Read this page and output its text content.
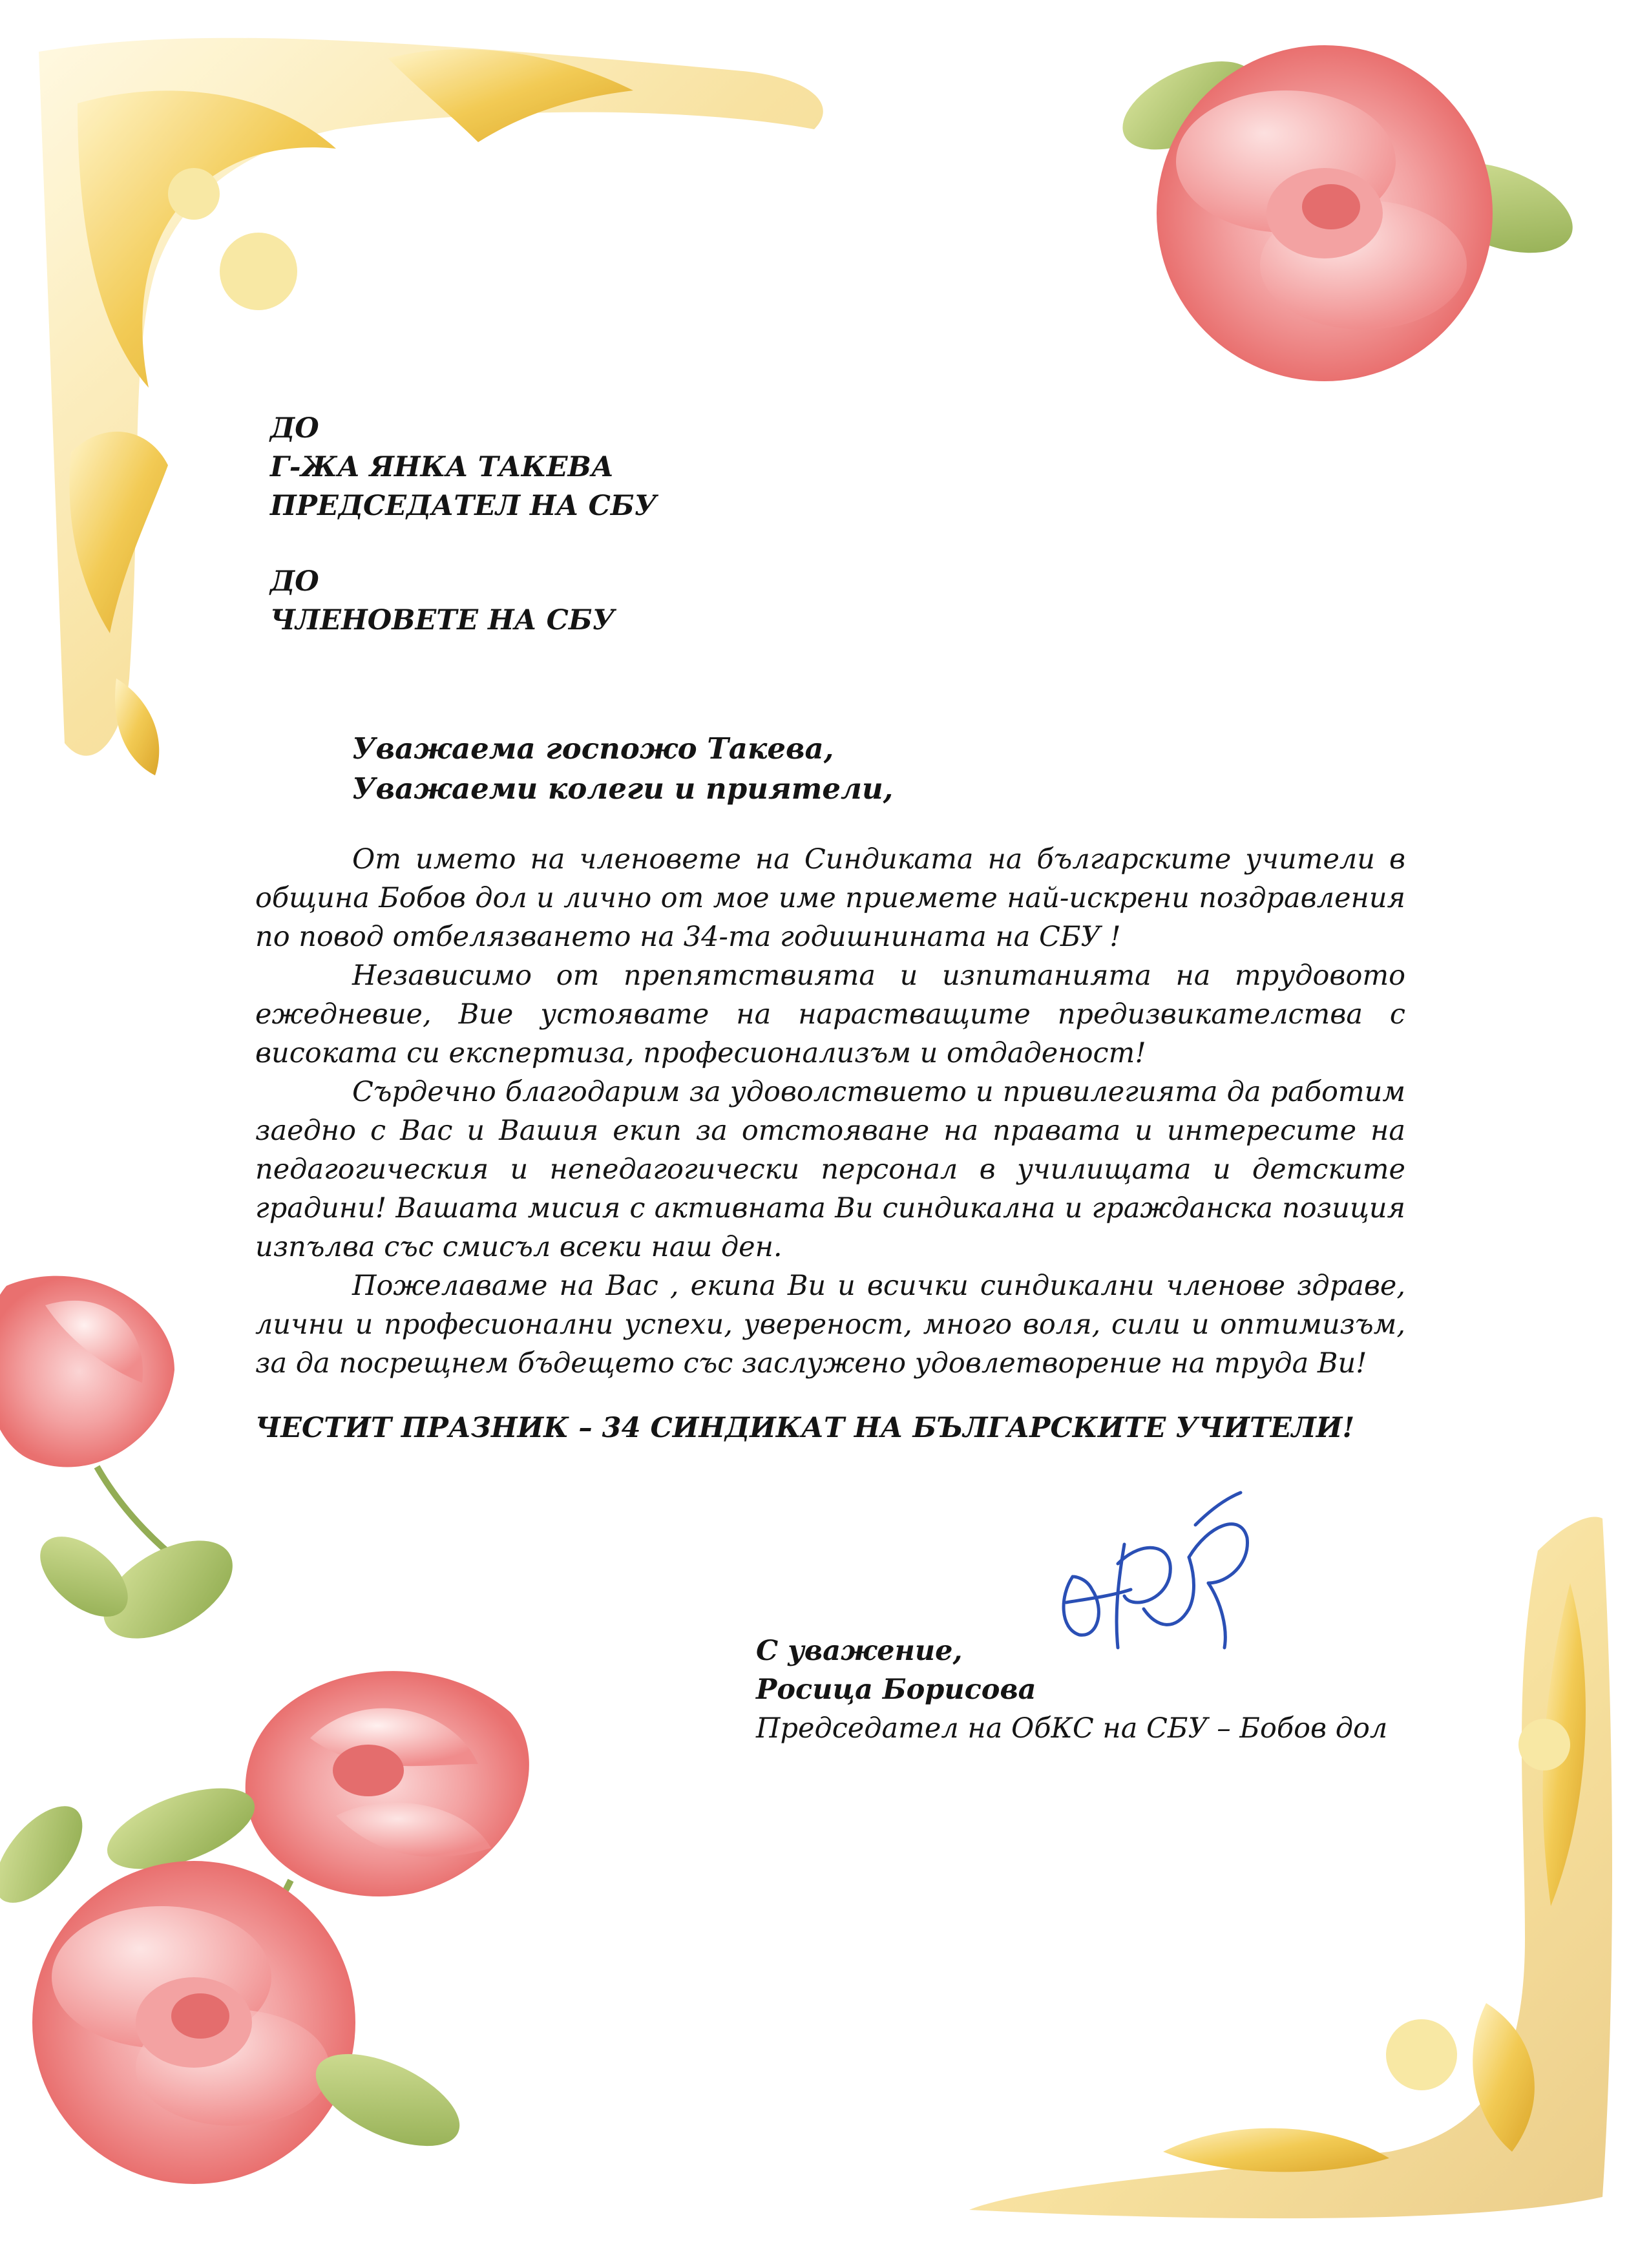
ДО
Г-ЖА ЯНКА ТАКЕВА
ПРЕДСЕДАТЕЛ НА СБУ
ДО
ЧЛЕНОВЕТЕ НА СБУ
Уважаема госпожо Такева,
Уважаеми колеги и приятели,

От името на членовете на Синдиката на българските учители в община Бобов дол и лично от мое име приемете най-искрени поздравления по повод отбелязването на 34-та годишнината на СБУ !

Независимо от препятствията и изпитанията на трудовото ежедневие, Вие устоявате на нарастващите предизвикателства с високата си експертиза, професионализъм и отдаденост!

Сърдечно благодарим за удоволствието и привилегията да работим заедно с Вас и Вашия екип за отстояване на правата и интересите на педагогическия и непедагогически персонал в училищата и детските градини! Вашата мисия с активната Ви синдикална и гражданска позиция изпълва със смисъл всеки наш ден.

Пожелаваме на Вас , екипа Ви и всички синдикални членове здраве, лични и професионални успехи, увереност, много воля, сили и оптимизъм, за да посрещнем бъдещето със заслужено удовлетворение на труда Ви!

ЧЕСТИТ ПРАЗНИК – 34 СИНДИКАТ НА БЪЛГАРСКИТЕ УЧИТЕЛИ!
С уважение,
Росица Борисова
Председател на ОбКС на СБУ – Бобов дол
